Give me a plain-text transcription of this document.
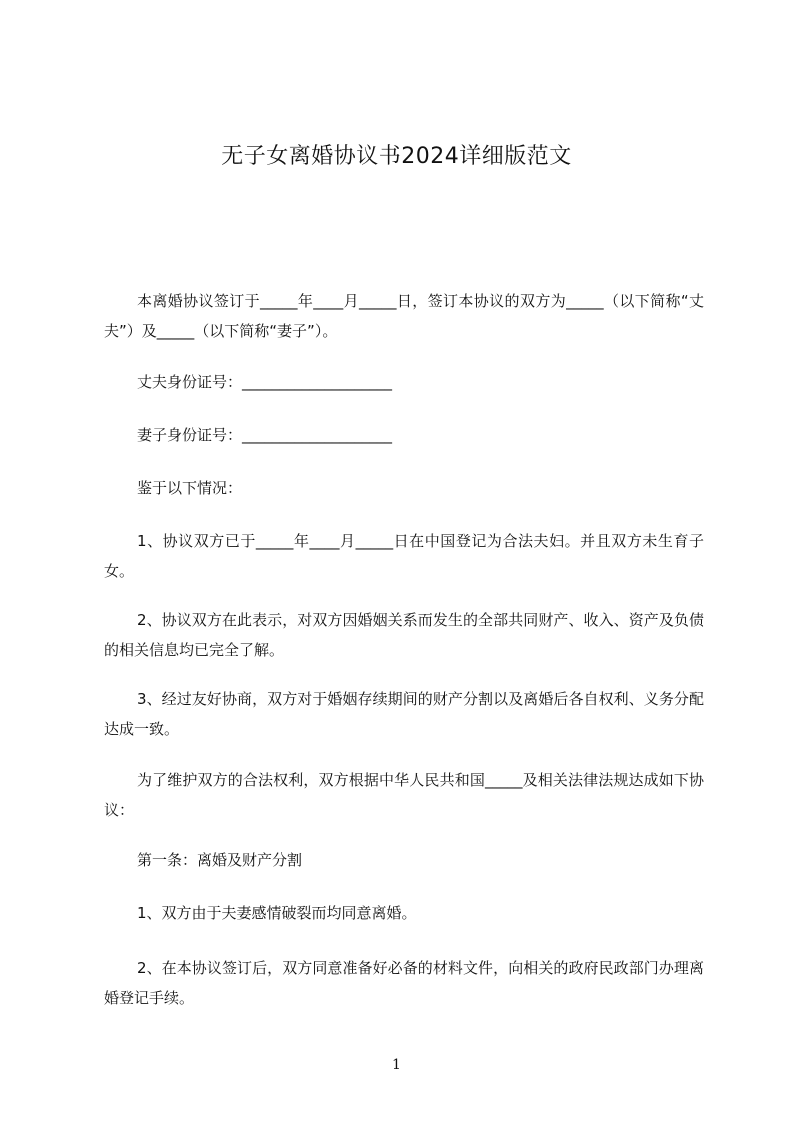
无子女离婚协议书2024详细版范文

本离婚协议签订于_____年____月_____日，签订本协议的双方为_____（以下简称“丈夫”）及_____（以下简称“妻子”）。

丈夫身份证号：____________________

妻子身份证号：____________________

鉴于以下情况：

1、协议双方已于_____年____月_____日在中国登记为合法夫妇。并且双方未生育子女。

2、协议双方在此表示，对双方因婚姻关系而发生的全部共同财产、收入、资产及负债的相关信息均已完全了解。

3、经过友好协商，双方对于婚姻存续期间的财产分割以及离婚后各自权利、义务分配达成一致。

为了维护双方的合法权利，双方根据中华人民共和国_____及相关法律法规达成如下协议：

第一条：离婚及财产分割

1、双方由于夫妻感情破裂而均同意离婚。

2、在本协议签订后，双方同意准备好必备的材料文件，向相关的政府民政部门办理离婚登记手续。

1
